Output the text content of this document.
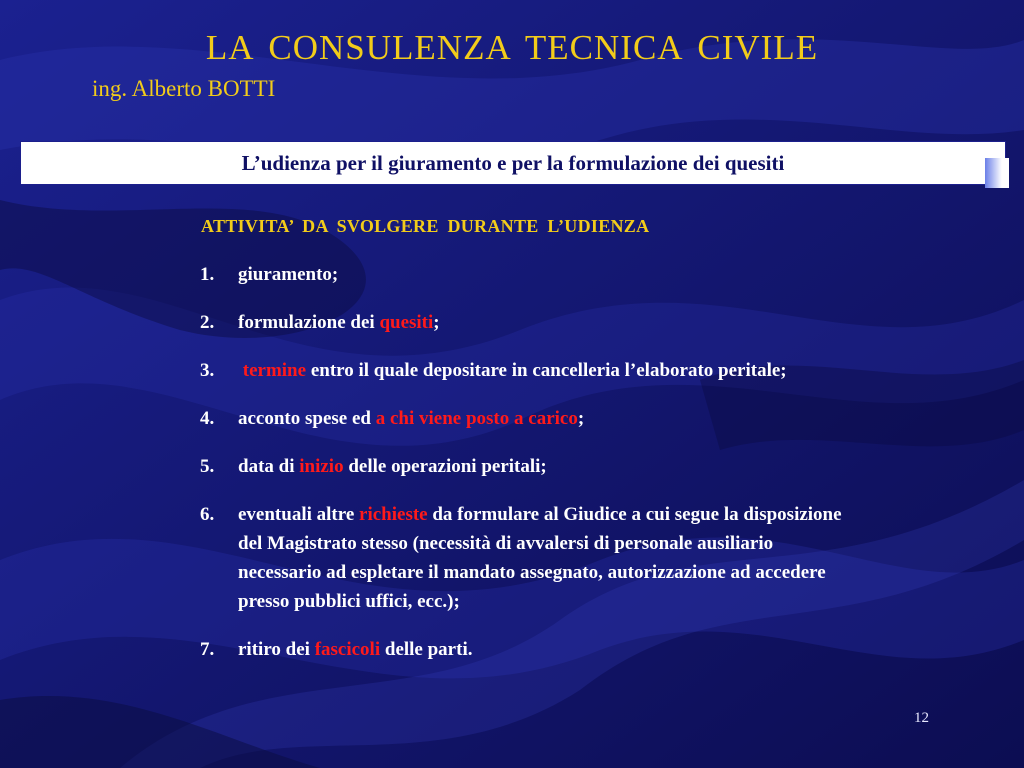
LA CONSULENZA TECNICA CIVILE
ing. Alberto BOTTI
L’udienza per il giuramento e per la formulazione dei quesiti
ATTIVITA’ DA SVOLGERE DURANTE L’UDIENZA
1. giuramento;
2. formulazione dei quesiti;
3. termine entro il quale depositare in cancelleria l’elaborato peritale;
4. acconto spese ed a chi viene posto a carico;
5. data di inizio delle operazioni peritali;
6. eventuali altre richieste da formulare al Giudice a cui segue la disposizione del Magistrato stesso (necessità di avvalersi di personale ausiliario necessario ad espletare il mandato assegnato, autorizzazione ad accedere presso pubblici uffici, ecc.);
7. ritiro dei fascicoli delle parti.
12
